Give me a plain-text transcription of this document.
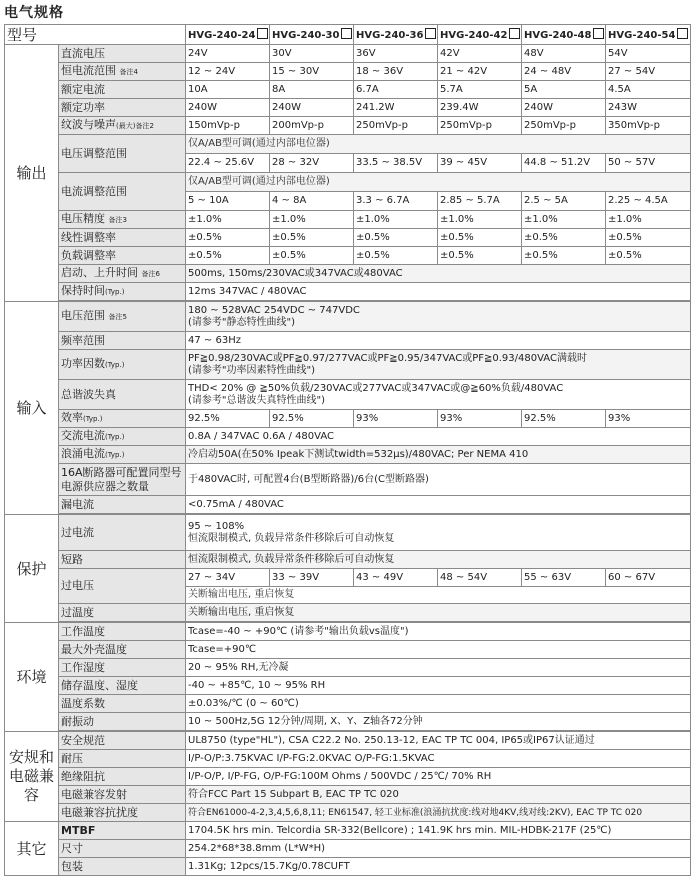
电气规格
型号		HVG-240-24	HVG-240-30	HVG-240-36	HVG-240-42	HVG-240-48	HVG-240-54
输出	直流电压	24V	30V	36V	42V	48V	54V
	恒电流范围 备注4	12 ~ 24V	15 ~ 30V	18 ~ 36V	21 ~ 42V	24 ~ 48V	27 ~ 54V
	额定电流	10A	8A	6.7A	5.7A	5A	4.5A
	额定功率	240W	240W	241.2W	239.4W	240W	243W
	纹波与噪声(最大)备注2	150mVp-p	200mVp-p	250mVp-p	250mVp-p	250mVp-p	350mVp-p
	电压调整范围	仅A/AB型可调(通过内部电位器)					
		22.4 ~ 25.6V	28 ~ 32V	33.5 ~ 38.5V	39 ~ 45V	44.8 ~ 51.2V	50 ~ 57V
	电流调整范围	仅A/AB型可调(通过内部电位器)					
		5 ~ 10A	4 ~ 8A	3.3 ~ 6.7A	2.85 ~ 5.7A	2.5 ~ 5A	2.25 ~ 4.5A
	电压精度 备注3	±1.0%	±1.0%	±1.0%	±1.0%	±1.0%	±1.0%
	线性调整率	±0.5%	±0.5%	±0.5%	±0.5%	±0.5%	±0.5%
	负载调整率	±0.5%	±0.5%	±0.5%	±0.5%	±0.5%	±0.5%
	启动、上升时间 备注6	500ms, 150ms/230VAC或347VAC或480VAC					
	保持时间(Typ.)	12ms 347VAC / 480VAC					

输入	电压范围 备注5	180 ~ 528VAC 254VDC ~ 747VDC
(请参考"静态特性曲线")					

	频率范围	47 ~ 63Hz					
	功率因数(Typ.)	PF≧0.98/230VAC或PF≧0.97/277VAC或PF≧0.95/347VAC或PF≧0.93/480VAC满载时
(请参考"功率因素特性曲线")					

	总谐波失真	THD< 20% @ ≧50%负载/230VAC或277VAC或347VAC或@≧60%负载/480VAC
(请参考"总谐波失真特性曲线")					

	效率(Typ.)	92.5%	92.5%	93%	93%	92.5%	93%
	交流电流(Typ.)	0.8A / 347VAC 0.6A / 480VAC					
	浪涌电流(Typ.)	冷启动50A(在50% Ipeak下测试twidth=532μs)/480VAC; Per NEMA 410					
	16A断路器可配置同型号电源供应器之数量	于480VAC时, 可配置4台(B型断路器)/6台(C型断路器)					
	漏电流	<0.75mA / 480VAC					

保护	过电流	95 ~ 108%
恒流限制模式, 负载异常条件移除后可自动恢复					

	短路	恒流限制模式, 负载异常条件移除后可自动恢复					
	过电压	27 ~ 34V	33 ~ 39V	43 ~ 49V	48 ~ 54V	55 ~ 63V	60 ~ 67V
		关断输出电压, 重启恢复					
	过温度	关断输出电压, 重启恢复					

环境	工作温度	Tcase=-40 ~ +90℃ (请参考"输出负载vs温度")					
	最大外壳温度	Tcase=+90℃					
	工作湿度	20 ~ 95% RH,无冷凝					
	储存温度、湿度	-40 ~ +85℃, 10 ~ 95% RH					
	温度系数	±0.03%/℃ (0 ~ 60℃)					
	耐振动	10 ~ 500Hz,5G 12分钟/周期, X、Y、Z轴各72分钟					

安规和电磁兼容	安全规范	UL8750 (type"HL"), CSA C22.2 No. 250.13-12, EAC TP TC 004, IP65或IP67认证通过					
	耐压	I/P-O/P:3.75KVAC I/P-FG:2.0KVAC O/P-FG:1.5KVAC					
	绝缘阻抗	I/P-O/P, I/P-FG, O/P-FG:100M Ohms / 500VDC / 25℃/ 70% RH					
	电磁兼容发射	符合FCC Part 15 Subpart B, EAC TP TC 020					
	电磁兼容抗扰度	符合EN61000-4-2,3,4,5,6,8,11; EN61547, 轻工业标准(浪涌抗扰度:线对地4KV,线对线:2KV), EAC TP TC 020					
其它	MTBF	1704.5K hrs min. Telcordia SR-332(Bellcore) ; 141.9K hrs min. MIL-HDBK-217F (25℃)					
	尺寸	254.2*68*38.8mm (L*W*H)					
	包装	1.31Kg; 12pcs/15.7Kg/0.78CUFT					
